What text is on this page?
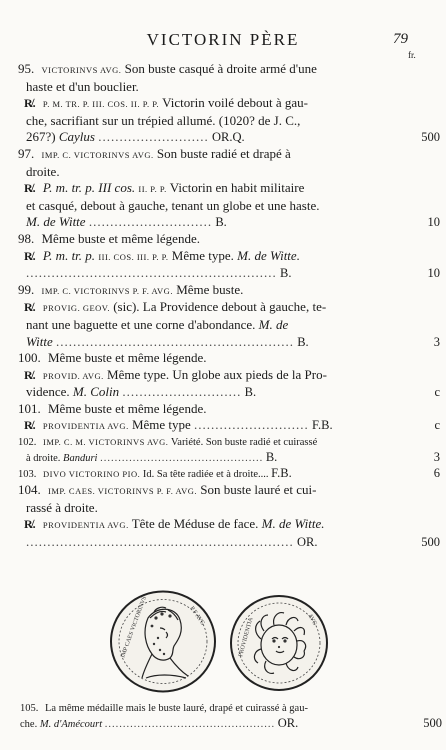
VICTORIN PÈRE	79
fr.
95. VICTORINVS AVG. Son buste casqué à droite armé d'une
haste et d'un bouclier.
R̸. P. M. TR. P. III. COS. II. P. P. Victorin voilé debout à gau-
che, sacrifiant sur un trépied allumé. (1020? de J. C.,
267?) Caylus .......................... OR.Q.	500
97. IMP. C. VICTORINVS AVG. Son buste radié et drapé à
droite.
R̸. P. m. tr. p. III cos. II. P. P. Victorin en habit militaire
et casqué, debout à gauche, tenant un globe et une haste.
M. de Witte ............................. B.	10
98. Même buste et même légende.
R̸. P. m. tr. p. III. COS. III. P. P. Même type. M. de Witte.
........................................................... B.	10
99. IMP. C. VICTORINVS P. F. AVG. Même buste.
R̸. PROVIG. GEOV. (sic). La Providence debout à gauche, te-
nant une baguette et une corne d'abondance. M. de
Witte ........................................................ B.	3
100. Même buste et même légende.
R̸. PROVID. AVG. Même type. Un globe aux pieds de la Pro-
vidence. M. Colin ............................ B.	c
101. Même buste et même légende.
R̸. PROVIDENTIA AVG. Même type ........................... F.B.	c
102. IMP. C. M. VICTORINVS AVG. Variété. Son buste radié et cuirassé
à droite. Banduri ............................................. B.	3
103. DIVO VICTORINO PIO. Id. Sa tête radiée et à droite.... F.B.	6
104. IMP. CAES. VICTORINVS P. F. AVG. Son buste lauré et cui-
rassé à droite.
R̸. PROVIDENTIA AVG. Tête de Méduse de face. M. de Witte.
............................................................... OR.	500
IMP CAES VICTORINVS	P F AVG
PROVIDENTIA	AVG
105. La même médaille mais le buste lauré, drapé et cuirassé à gau-
che. M. d'Amécourt ............................................... OR.	500
